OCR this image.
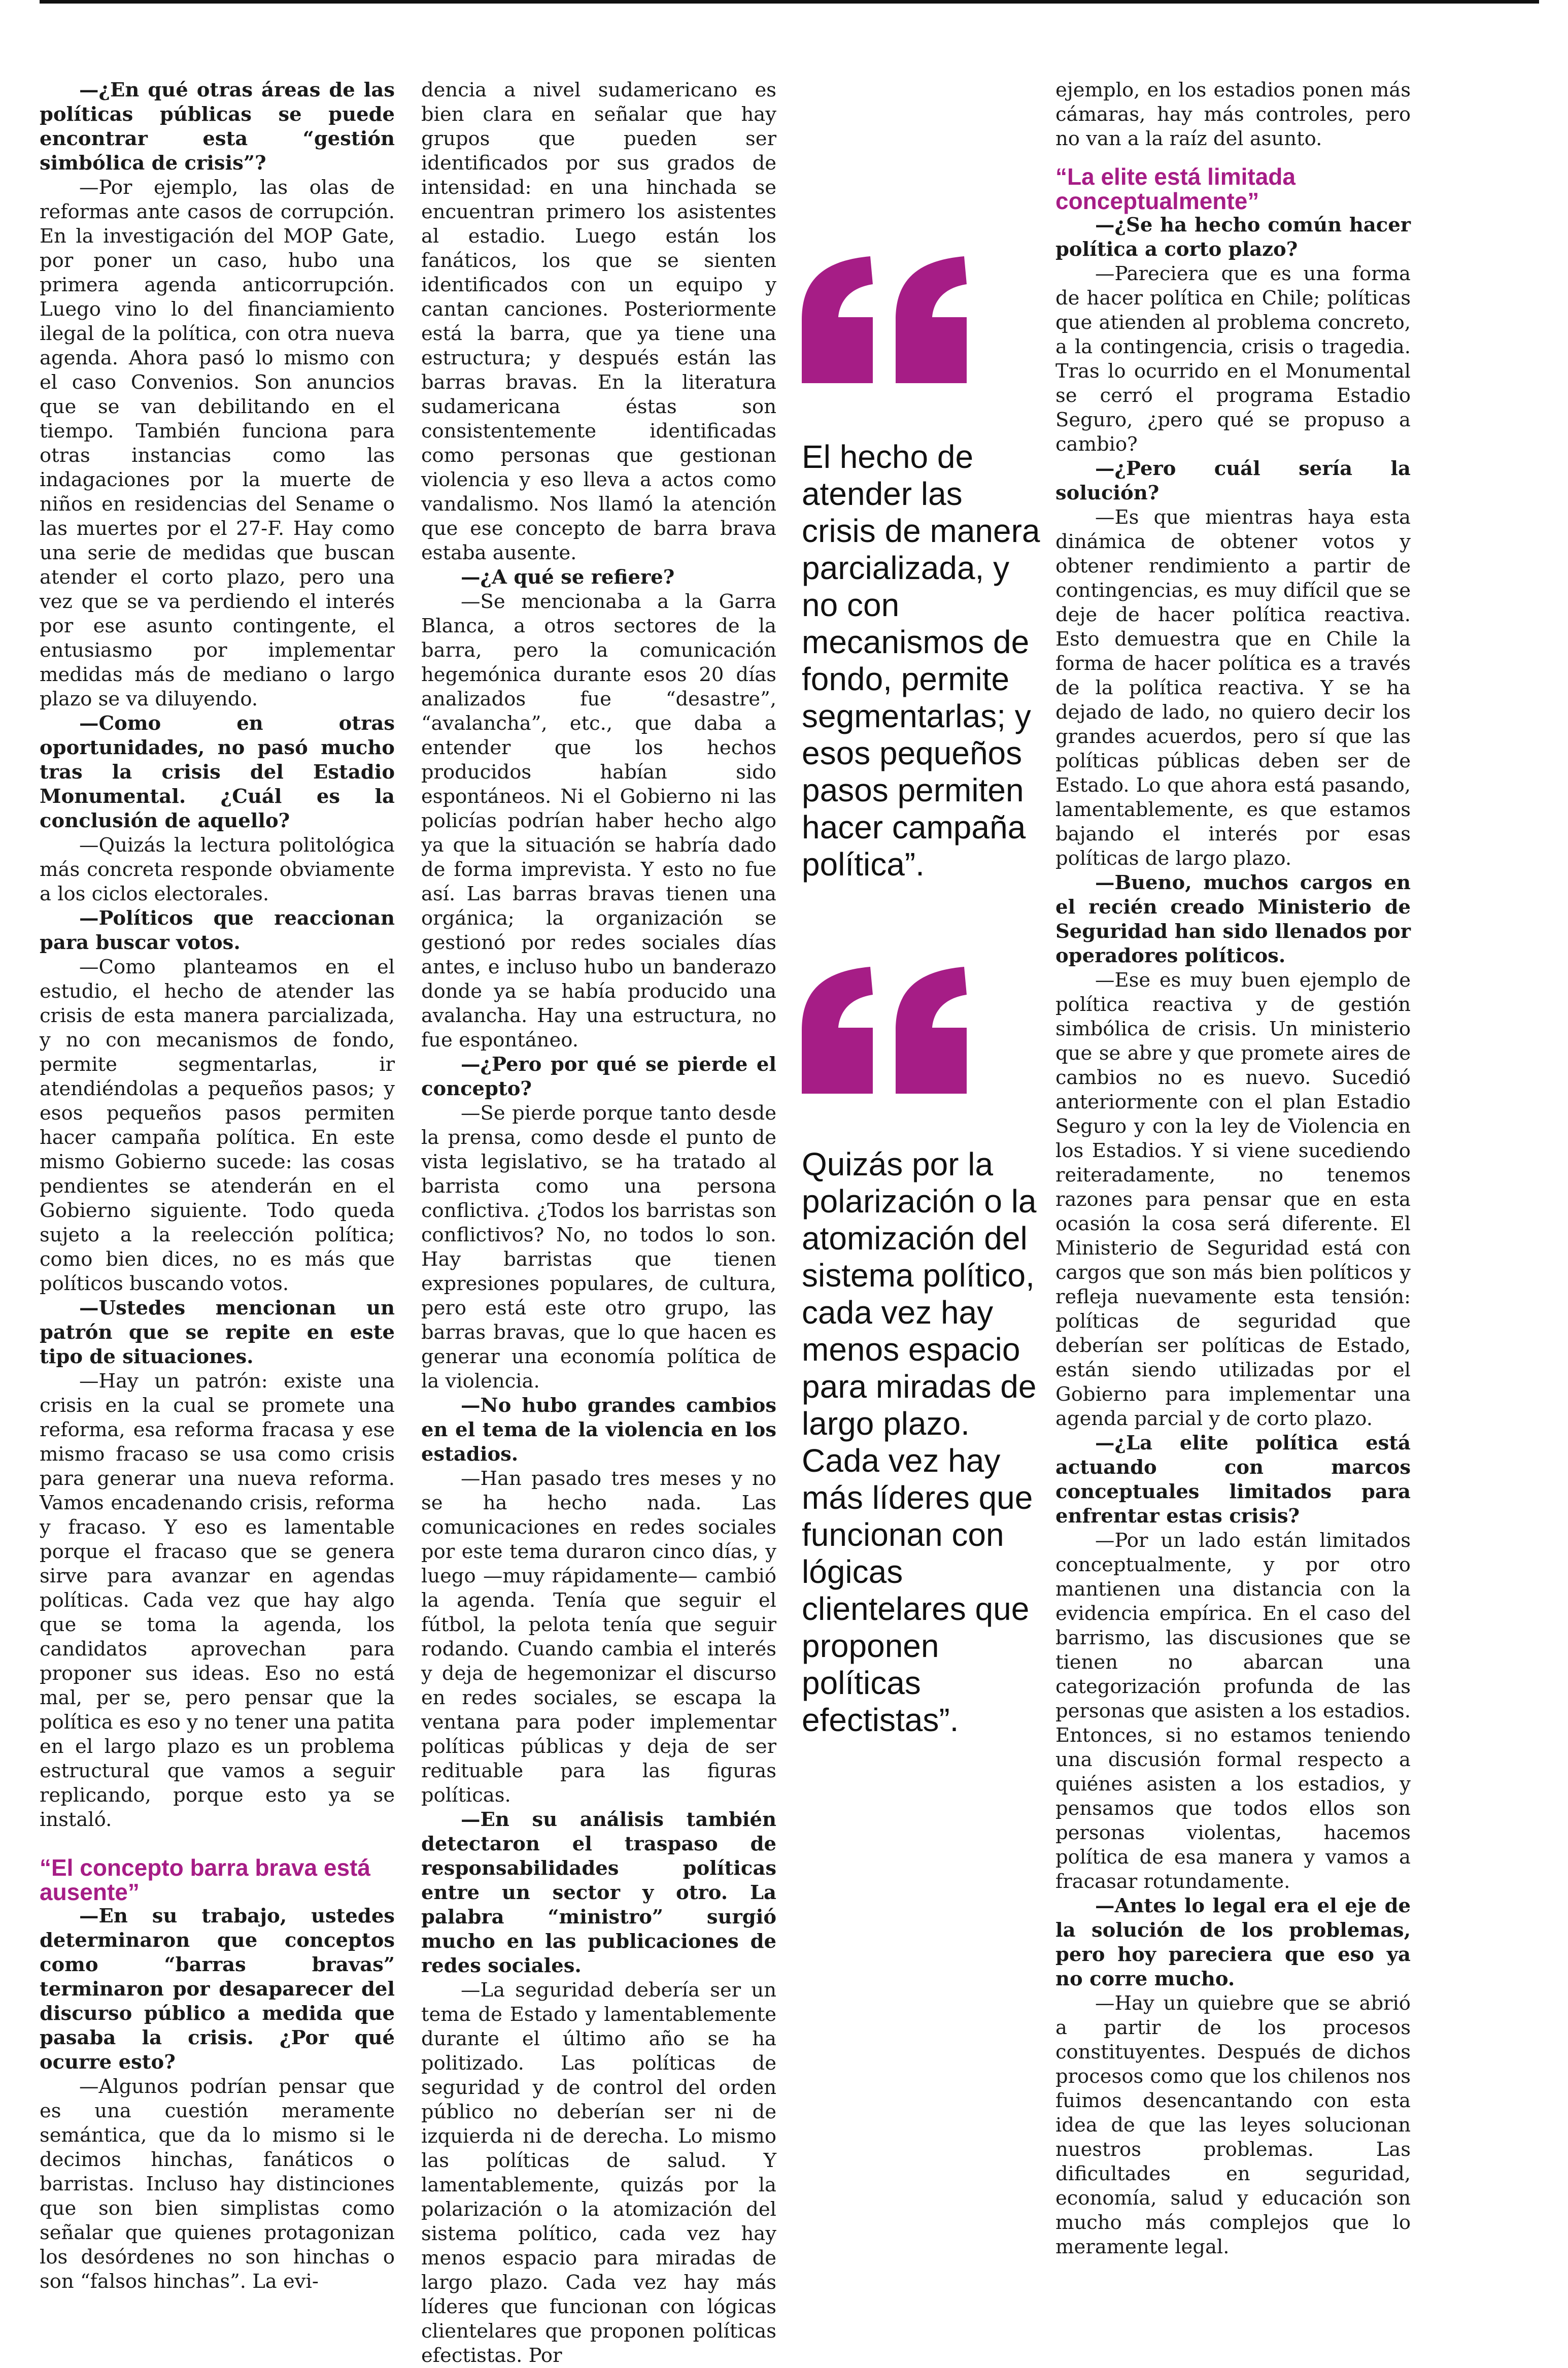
—¿En qué otras áreas de las políticas públicas se puede encontrar esta “gestión simbólica de crisis”?

—Por ejemplo, las olas de reformas ante casos de corrupción. En la investigación del MOP Gate, por poner un caso, hubo una primera agenda anticorrupción. Luego vino lo del financiamiento ilegal de la política, con otra nueva agenda. Ahora pasó lo mismo con el caso Convenios. Son anuncios que se van debilitando en el tiempo. También funciona para otras instancias como las indagaciones por la muerte de niños en residencias del Sename o las muertes por el 27-F. Hay como una serie de medidas que buscan atender el corto plazo, pero una vez que se va perdiendo el interés por ese asunto contingente, el entusiasmo por implementar medidas más de mediano o largo plazo se va diluyendo.

—Como en otras oportunidades, no pasó mucho tras la crisis del Estadio Monumental. ¿Cuál es la conclusión de aquello?

—Quizás la lectura politológica más concreta responde obviamente a los ciclos electorales.

—Políticos que reaccionan para buscar votos.

—Como planteamos en el estudio, el hecho de atender las crisis de esta manera parcializada, y no con mecanismos de fondo, permite segmentarlas, ir atendiéndolas a pequeños pasos; y esos pequeños pasos permiten hacer campaña política. En este mismo Gobierno sucede: las cosas pendientes se atenderán en el Gobierno siguiente. Todo queda sujeto a la reelección política; como bien dices, no es más que políticos buscando votos.

—Ustedes mencionan un patrón que se repite en este tipo de situaciones.

—Hay un patrón: existe una crisis en la cual se promete una reforma, esa reforma fracasa y ese mismo fracaso se usa como crisis para generar una nueva reforma. Vamos encadenando crisis, reforma y fracaso. Y eso es lamentable porque el fracaso que se genera sirve para avanzar en agendas políticas. Cada vez que hay algo que se toma la agenda, los candidatos aprovechan para proponer sus ideas. Eso no está mal, per se, pero pensar que la política es eso y no tener una patita en el largo plazo es un problema estructural que vamos a seguir replicando, porque esto ya se instaló.

“El concepto barra brava está ausente”

—En su trabajo, ustedes determinaron que conceptos como “barras bravas” terminaron por desaparecer del discurso público a medida que pasaba la crisis. ¿Por qué ocurre esto?

—Algunos podrían pensar que es una cuestión meramente semántica, que da lo mismo si le decimos hinchas, fanáticos o barristas. Incluso hay distinciones que son bien simplistas como señalar que quienes protagonizan los desórdenes no son hinchas o son “falsos hinchas”. La evi-

dencia a nivel sudamericano es bien clara en señalar que hay grupos que pueden ser identificados por sus grados de intensidad: en una hinchada se encuentran primero los asistentes al estadio. Luego están los fanáticos, los que se sienten identificados con un equipo y cantan canciones. Posteriormente está la barra, que ya tiene una estructura; y después están las barras bravas. En la literatura sudamericana éstas son consistentemente identificadas como personas que gestionan violencia y eso lleva a actos como vandalismo. Nos llamó la atención que ese concepto de barra brava estaba ausente.

—¿A qué se refiere?

—Se mencionaba a la Garra Blanca, a otros sectores de la barra, pero la comunicación hegemónica durante esos 20 días analizados fue “desastre”, “avalancha”, etc., que daba a entender que los hechos producidos habían sido espontáneos. Ni el Gobierno ni las policías podrían haber hecho algo ya que la situación se habría dado de forma imprevista. Y esto no fue así. Las barras bravas tienen una orgánica; la organización se gestionó por redes sociales días antes, e incluso hubo un banderazo donde ya se había producido una avalancha. Hay una estructura, no fue espontáneo.

—¿Pero por qué se pierde el concepto?

—Se pierde porque tanto desde la prensa, como desde el punto de vista legislativo, se ha tratado al barrista como una persona conflictiva. ¿Todos los barristas son conflictivos? No, no todos lo son. Hay barristas que tienen expresiones populares, de cultura, pero está este otro grupo, las barras bravas, que lo que hacen es generar una economía política de la violencia.

—No hubo grandes cambios en el tema de la violencia en los estadios.

—Han pasado tres meses y no se ha hecho nada. Las comunicaciones en redes sociales por este tema duraron cinco días, y luego —muy rápidamente— cambió la agenda. Tenía que seguir el fútbol, la pelota tenía que seguir rodando. Cuando cambia el interés y deja de hegemonizar el discurso en redes sociales, se escapa la ventana para poder implementar políticas públicas y deja de ser redituable para las figuras políticas.

—En su análisis también detectaron el traspaso de responsabilidades políticas entre un sector y otro. La palabra “ministro” surgió mucho en las publicaciones de redes sociales.

—La seguridad debería ser un tema de Estado y lamentablemente durante el último año se ha politizado. Las políticas de seguridad y de control del orden público no deberían ser ni de izquierda ni de derecha. Lo mismo las políticas de salud. Y lamentablemente, quizás por la polarización o la atomización del sistema político, cada vez hay menos espacio para miradas de largo plazo. Cada vez hay más líderes que funcionan con lógicas clientelares que proponen políticas efectistas. Por

El hecho de atender las crisis de manera parcializada, y no con mecanismos de fondo, permite segmentarlas; y esos pequeños pasos permiten hacer campaña política”.
Quizás por la polarización o la atomización del sistema político, cada vez hay menos espacio para miradas de largo plazo. Cada vez hay más líderes que funcionan con lógicas clientelares que proponen políticas efectistas”.

ejemplo, en los estadios ponen más cámaras, hay más controles, pero no van a la raíz del asunto.

“La elite está limitada conceptualmente”

—¿Se ha hecho común hacer política a corto plazo?

—Pareciera que es una forma de hacer política en Chile; políticas que atienden al problema concreto, a la contingencia, crisis o tragedia. Tras lo ocurrido en el Monumental se cerró el programa Estadio Seguro, ¿pero qué se propuso a cambio?

—¿Pero cuál sería la solución?

—Es que mientras haya esta dinámica de obtener votos y obtener rendimiento a partir de contingencias, es muy difícil que se deje de hacer política reactiva. Esto demuestra que en Chile la forma de hacer política es a través de la política reactiva. Y se ha dejado de lado, no quiero decir los grandes acuerdos, pero sí que las políticas públicas deben ser de Estado. Lo que ahora está pasando, lamentablemente, es que estamos bajando el interés por esas políticas de largo plazo.

—Bueno, muchos cargos en el recién creado Ministerio de Seguridad han sido llenados por operadores políticos.

—Ese es muy buen ejemplo de política reactiva y de gestión simbólica de crisis. Un ministerio que se abre y que promete aires de cambios no es nuevo. Sucedió anteriormente con el plan Estadio Seguro y con la ley de Violencia en los Estadios. Y si viene sucediendo reiteradamente, no tenemos razones para pensar que en esta ocasión la cosa será diferente. El Ministerio de Seguridad está con cargos que son más bien políticos y refleja nuevamente esta tensión: políticas de seguridad que deberían ser políticas de Estado, están siendo utilizadas por el Gobierno para implementar una agenda parcial y de corto plazo.

—¿La elite política está actuando con marcos conceptuales limitados para enfrentar estas crisis?

—Por un lado están limitados conceptualmente, y por otro mantienen una distancia con la evidencia empírica. En el caso del barrismo, las discusiones que se tienen no abarcan una categorización profunda de las personas que asisten a los estadios. Entonces, si no estamos teniendo una discusión formal respecto a quiénes asisten a los estadios, y pensamos que todos ellos son personas violentas, hacemos política de esa manera y vamos a fracasar rotundamente.

—Antes lo legal era el eje de la solución de los problemas, pero hoy pareciera que eso ya no corre mucho.

—Hay un quiebre que se abrió a partir de los procesos constituyentes. Después de dichos procesos como que los chilenos nos fuimos desencantando con esta idea de que las leyes solucionan nuestros problemas. Las dificultades en seguridad, economía, salud y educación son mucho más complejos que lo meramente legal.
